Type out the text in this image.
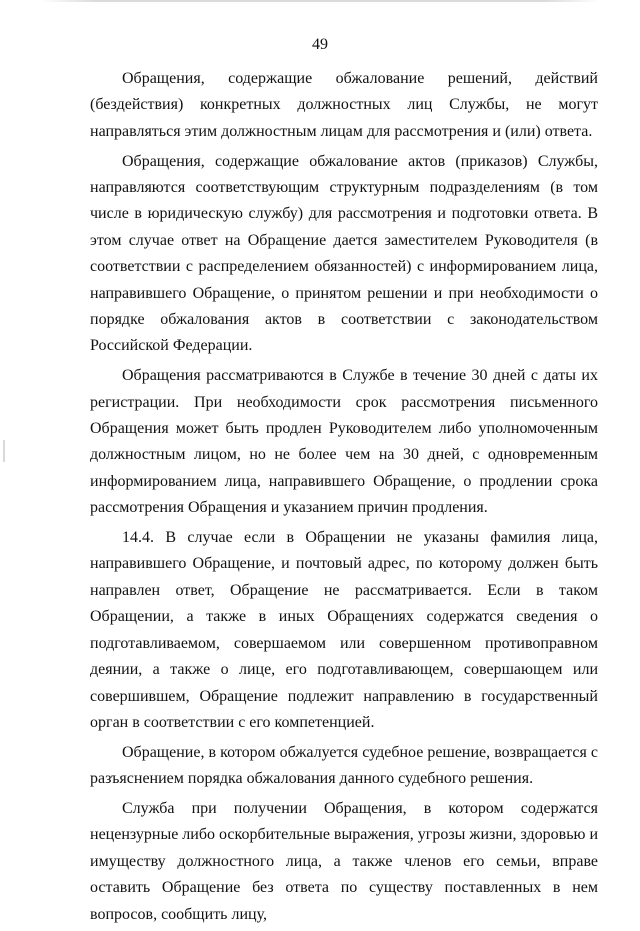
49

Обращения, содержащие обжалование решений, действий (бездействия) конкретных должностных лиц Службы, не могут направляться этим должностным лицам для рассмотрения и (или) ответа.

Обращения, содержащие обжалование актов (приказов) Службы, направляются соответствующим структурным подразделениям (в том числе в юридическую службу) для рассмотрения и подготовки ответа. В этом случае ответ на Обращение дается заместителем Руководителя (в соответствии с распределением обязанностей) с информированием лица, направившего Обращение, о принятом решении и при необходимости о порядке обжалования актов в соответствии с законодательством Российской Федерации.

Обращения рассматриваются в Службе в течение 30 дней с даты их регистрации. При необходимости срок рассмотрения письменного Обращения может быть продлен Руководителем либо уполномоченным должностным лицом, но не более чем на 30 дней, с одновременным информированием лица, направившего Обращение, о продлении срока рассмотрения Обращения и указанием причин продления.

14.4. В случае если в Обращении не указаны фамилия лица, направившего Обращение, и почтовый адрес, по которому должен быть направлен ответ, Обращение не рассматривается. Если в таком Обращении, а также в иных Обращениях содержатся сведения о подготавливаемом, совершаемом или совершенном противоправном деянии, а также о лице, его подготавливающем, совершающем или совершившем, Обращение подлежит направлению в государственный орган в соответствии с его компетенцией.

Обращение, в котором обжалуется судебное решение, возвращается с разъяснением порядка обжалования данного судебного решения.

Служба при получении Обращения, в котором содержатся нецензурные либо оскорбительные выражения, угрозы жизни, здоровью и имуществу должностного лица, а также членов его семьи, вправе оставить Обращение без ответа по существу поставленных в нем вопросов, сообщить лицу,
